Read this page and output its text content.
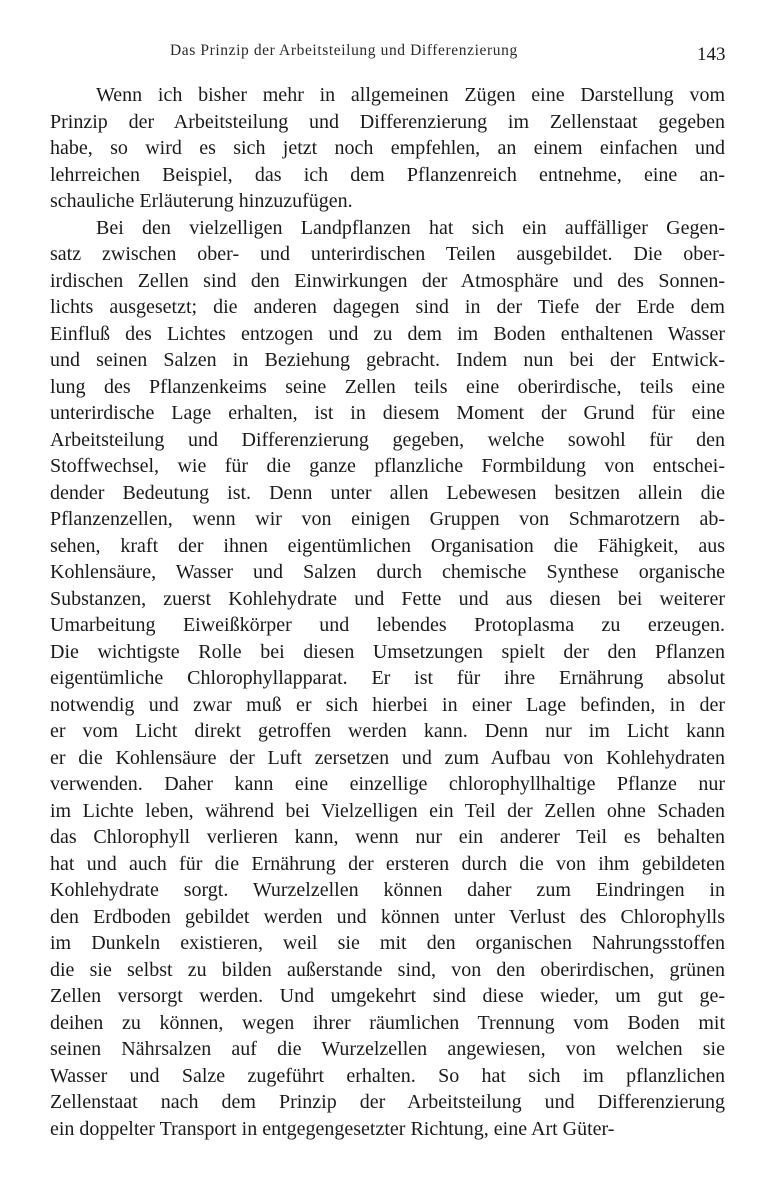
Das Prinzip der Arbeitsteilung und Differenzierung	143
Wenn ich bisher mehr in allgemeinen Zügen eine Darstellung vom
Prinzip der Arbeitsteilung und Differenzierung im Zellenstaat gegeben
habe, so wird es sich jetzt noch empfehlen, an einem einfachen und
lehrreichen Beispiel, das ich dem Pflanzenreich entnehme, eine an-
schauliche Erläuterung hinzuzufügen.
Bei den vielzelligen Landpflanzen hat sich ein auffälliger Gegen-
satz zwischen ober- und unterirdischen Teilen ausgebildet. Die ober-
irdischen Zellen sind den Einwirkungen der Atmosphäre und des Sonnen-
lichts ausgesetzt; die anderen dagegen sind in der Tiefe der Erde dem
Einfluß des Lichtes entzogen und zu dem im Boden enthaltenen Wasser
und seinen Salzen in Beziehung gebracht. Indem nun bei der Entwick-
lung des Pflanzenkeims seine Zellen teils eine oberirdische, teils eine
unterirdische Lage erhalten, ist in diesem Moment der Grund für eine
Arbeitsteilung und Differenzierung gegeben, welche sowohl für den
Stoffwechsel, wie für die ganze pflanzliche Formbildung von entschei-
dender Bedeutung ist. Denn unter allen Lebewesen besitzen allein die
Pflanzenzellen, wenn wir von einigen Gruppen von Schmarotzern ab-
sehen, kraft der ihnen eigentümlichen Organisation die Fähigkeit, aus
Kohlensäure, Wasser und Salzen durch chemische Synthese organische
Substanzen, zuerst Kohlehydrate und Fette und aus diesen bei weiterer
Umarbeitung Eiweißkörper und lebendes Protoplasma zu erzeugen.
Die wichtigste Rolle bei diesen Umsetzungen spielt der den Pflanzen
eigentümliche Chlorophyllapparat. Er ist für ihre Ernährung absolut
notwendig und zwar muß er sich hierbei in einer Lage befinden, in der
er vom Licht direkt getroffen werden kann. Denn nur im Licht kann
er die Kohlensäure der Luft zersetzen und zum Aufbau von Kohlehydraten
verwenden. Daher kann eine einzellige chlorophyllhaltige Pflanze nur
im Lichte leben, während bei Vielzelligen ein Teil der Zellen ohne Schaden
das Chlorophyll verlieren kann, wenn nur ein anderer Teil es behalten
hat und auch für die Ernährung der ersteren durch die von ihm gebildeten
Kohlehydrate sorgt. Wurzelzellen können daher zum Eindringen in
den Erdboden gebildet werden und können unter Verlust des Chlorophylls
im Dunkeln existieren, weil sie mit den organischen Nahrungsstoffen
die sie selbst zu bilden außerstande sind, von den oberirdischen, grünen
Zellen versorgt werden. Und umgekehrt sind diese wieder, um gut ge-
deihen zu können, wegen ihrer räumlichen Trennung vom Boden mit
seinen Nährsalzen auf die Wurzelzellen angewiesen, von welchen sie
Wasser und Salze zugeführt erhalten. So hat sich im pflanzlichen
Zellenstaat nach dem Prinzip der Arbeitsteilung und Differenzierung
ein doppelter Transport in entgegengesetzter Richtung, eine Art Güter-
